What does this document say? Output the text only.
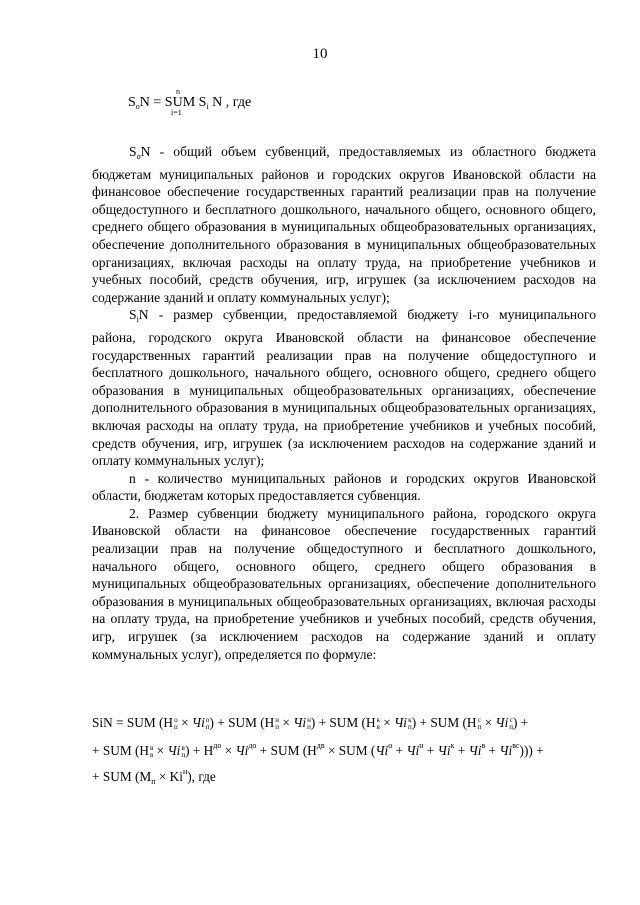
10
n
$S_oN$ = SUM $S_i$ N , где
i=1

$S_oN$ - общий объем субвенций, предоставляемых из областного бюджета бюджетам муниципальных районов и городских округов Ивановской области на финансовое обеспечение государственных гарантий реализации прав на получение общедоступного и бесплатного дошкольного, начального общего, основного общего, среднего общего образования в муниципальных общеобразовательных организациях, обеспечение дополнительного образования в муниципальных общеобразовательных организациях, включая расходы на оплату труда, на приобретение учебников и учебных пособий, средств обучения, игр, игрушек (за исключением расходов на содержание зданий и оплату коммунальных услуг);

$S_iN$ - размер субвенции, предоставляемой бюджету i-го муниципального района, городского округа Ивановской области на финансовое обеспечение государственных гарантий реализации прав на получение общедоступного и бесплатного дошкольного, начального общего, основного общего, среднего общего образования в муниципальных общеобразовательных организациях, обеспечение дополнительного образования в муниципальных общеобразовательных организациях, включая расходы на оплату труда, на приобретение учебников и учебных пособий, средств обучения, игр, игрушек (за исключением расходов на содержание зданий и оплату коммунальных услуг);

n - количество муниципальных районов и городских округов Ивановской области, бюджетам которых предоставляется субвенция.

2. Размер субвенции бюджету муниципального района, городского округа Ивановской области на финансовое обеспечение государственных гарантий реализации прав на получение общедоступного и бесплатного дошкольного, начального общего, основного общего, среднего общего образования в муниципальных общеобразовательных организациях, обеспечение дополнительного образования в муниципальных общеобразовательных организациях, включая расходы на оплату труда, на приобретение учебников и учебных пособий, средств обучения, игр, игрушек (за исключением расходов на содержание зданий и оплату коммунальных услуг), определяется по формуле:

SiN = SUM (H о
п × Чi о
п ) + SUM (H н
п × Чi н
п ) + SUM (H к
в × Чi к
п ) + SUM (H с
п × Чi с
п ) +
+ SUM (H в
в × Чi в
п ) + $H^{до} \times Чi^{до}$ + SUM ($H^{дв}$ × SUM $(Чi^о + Чi^н + Чi^к + Чi^в + Чi^{вс})$)) +
+ SUM $(M_п \times Ki^н)$, где
